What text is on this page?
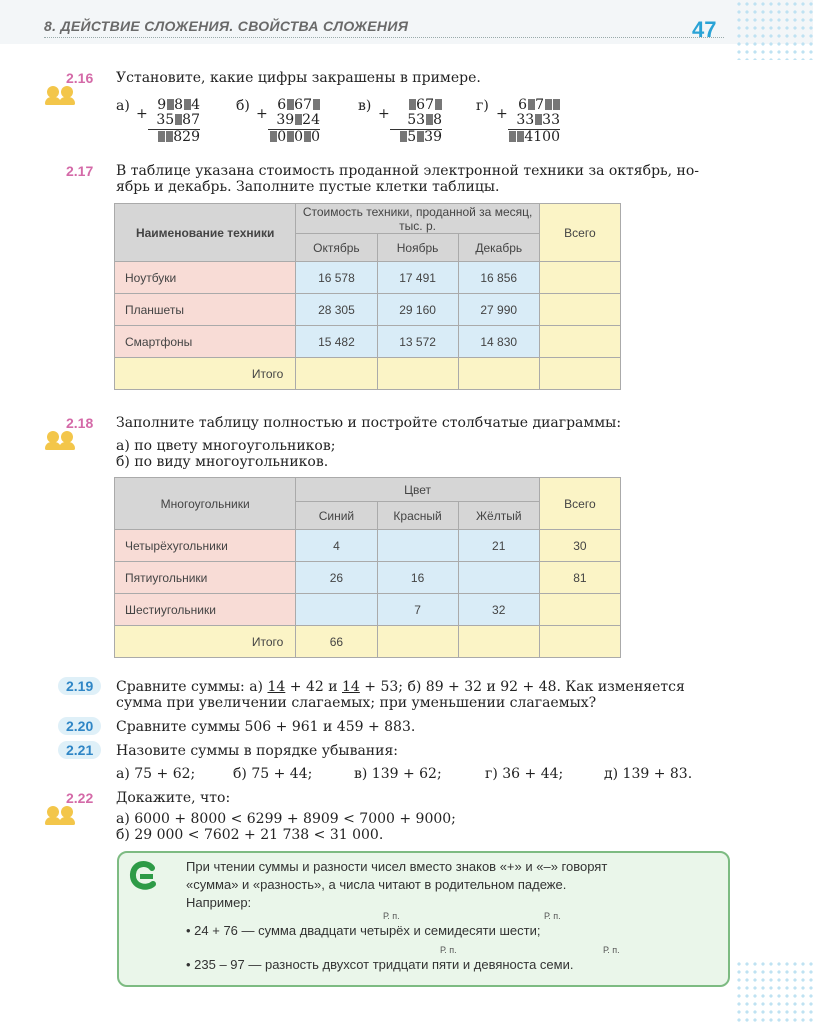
8. ДЕЙСТВИЕ СЛОЖЕНИЯ. СВОЙСТВА СЛОЖЕНИЯ	47
2.16 Установите, какие цифры закрашены в примере.
а) +
9 8 4
35 87
829
б) +
6 67
39 24
0 0 0
в) +
67
53 8
5 39
г) +
6 7
33 33
4100
2.17 В таблице указана стоимость проданной электронной техники за октябрь, но-
ябрь и декабрь. Заполните пустые клетки таблицы.
Наименование техники	Стоимость техники, проданной за месяц, тыс. р.			Всего
	Октябрь	Ноябрь	Декабрь	
Ноутбуки	16 578	17 491	16 856	
Планшеты	28 305	29 160	27 990	
Смартфоны	15 482	13 572	14 830	
Итого				
2.18 Заполните таблицу полностью и постройте столбчатые диаграммы:
а) по цвету многоугольников;
б) по виду многоугольников.
Многоугольники	Цвет			Всего
	Синий	Красный	Жёлтый	
Четырёхугольники	4		21	30
Пятиугольники	26	16		81
Шестиугольники		7	32	
Итого	66			
2.19	Сравните суммы: а) 14 + 42 и 14 + 53; б) 89 + 32 и 92 + 48. Как изменяется
сумма при увеличении слагаемых; при уменьшении слагаемых?
2.20	Сравните суммы 506 + 961 и 459 + 883.
2.21	Назовите суммы в порядке убывания:
а) 75 + 62;	б) 75 + 44;	в) 139 + 62;	г) 36 + 44;	д) 139 + 83.
2.22 Докажите, что:
а) 6000 + 8000 < 6299 + 8909 < 7000 + 9000;
б) 29 000 < 7602 + 21 738 < 31 000.
При чтении суммы и разности чисел вместо знаков «+» и «–» говорят
«сумма» и «разность», а числа читают в родительном падеже.
Например:
Р. п.	Р. п.
• 24 + 76 — сумма двадцати четырёх и семидесяти шести;
Р. п.	Р. п.
• 235 – 97 — разность двухсот тридцати пяти и девяноста семи.
